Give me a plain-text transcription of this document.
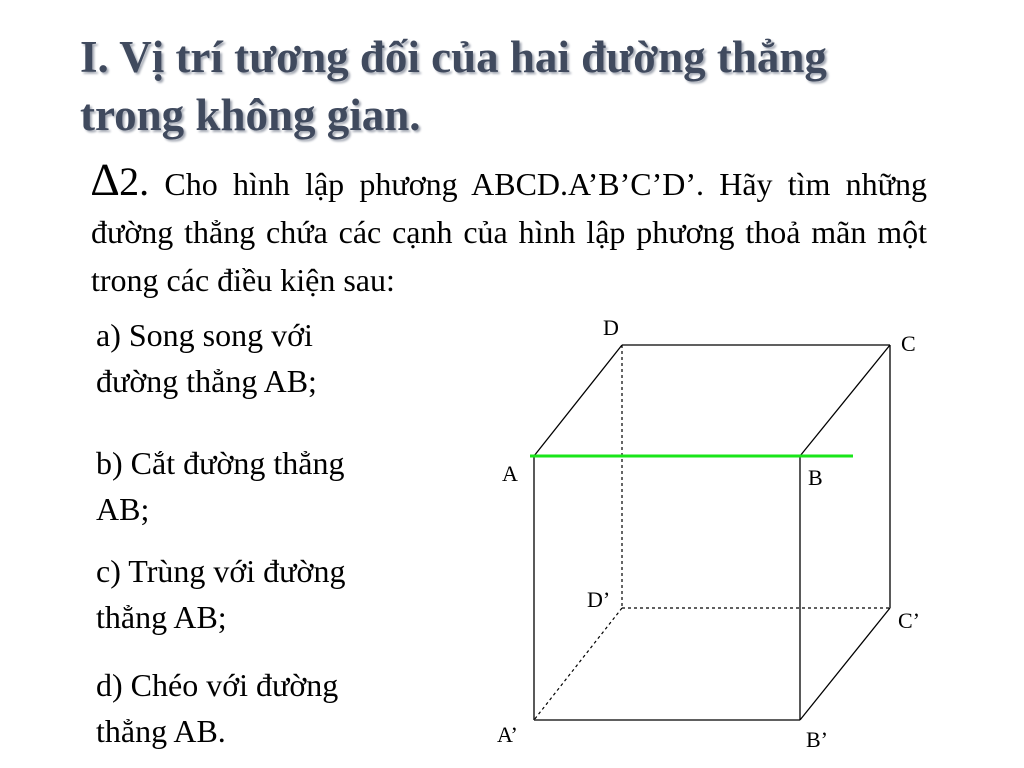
I. Vị trí tương đối của hai đường thẳng
trong không gian.

∆2. Cho hình lập phương ABCD.A’B’C’D’. Hãy tìm những đường thẳng chứa các cạnh của hình lập phương thoả mãn một trong các điều kiện sau:

a) Song song với
đường thẳng AB;

b) Cắt đường thẳng
AB;

c) Trùng với đường
thẳng AB;

d) Chéo với đường
thẳng AB.

D
C
A	B
D’
C’
A’	B’
